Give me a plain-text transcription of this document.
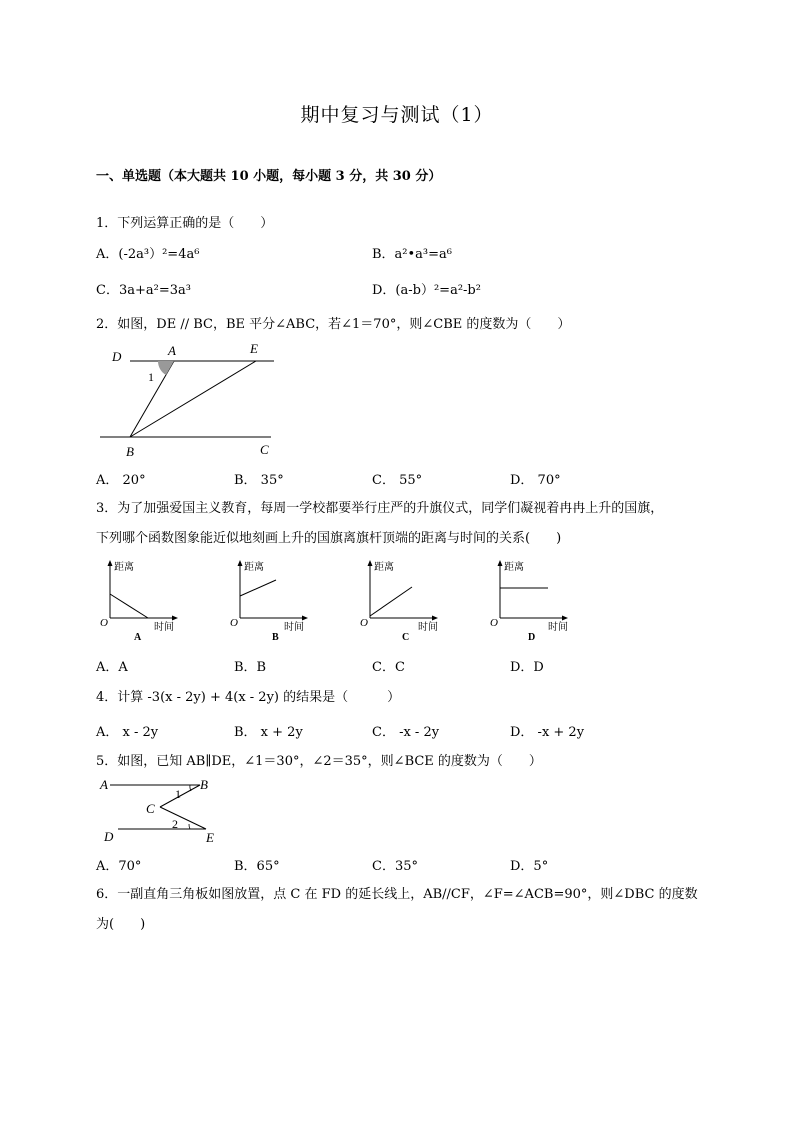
期中复习与测试（1）
一、单选题（本大题共 10 小题，每小题 3 分，共 30 分）
1．下列运算正确的是（　　）
A．(-2a³）²=4a⁶	B．a²•a³=a⁶
C．3a+a²=3a³	D．(a-b）²=a²-b²
2．如图，DE // BC，BE 平分∠ABC，若∠1＝70°，则∠CBE 的度数为（　　）
D	A	E
1
B	C
A． 20°	B． 35°	C． 55°	D． 70°
3．为了加强爱国主义教育，每周一学校都要举行庄严的升旗仪式，同学们凝视着冉冉上升的国旗，
下列哪个函数图象能近似地刻画上升的国旗离旗杆顶端的距离与时间的关系(　　)
距离
时间
O
A
距离
时间
O
B
距离
时间
O
C
距离
时间
O
D
A．A	B．B	C．C	D．D
4．计算 -3(x - 2y) + 4(x - 2y) 的结果是（　　　）
A． x - 2y	B． x + 2y	C． -x - 2y	D． -x + 2y
5．如图，已知 AB∥DE，∠1＝30°，∠2＝35°，则∠BCE 的度数为（　　）
A	B
C
D	E
1
2
A．70°	B．65°	C．35°	D．5°
6．一副直角三角板如图放置，点 C 在 FD 的延长线上，AB//CF，∠F=∠ACB=90°，则∠DBC 的度数
为(　　)
